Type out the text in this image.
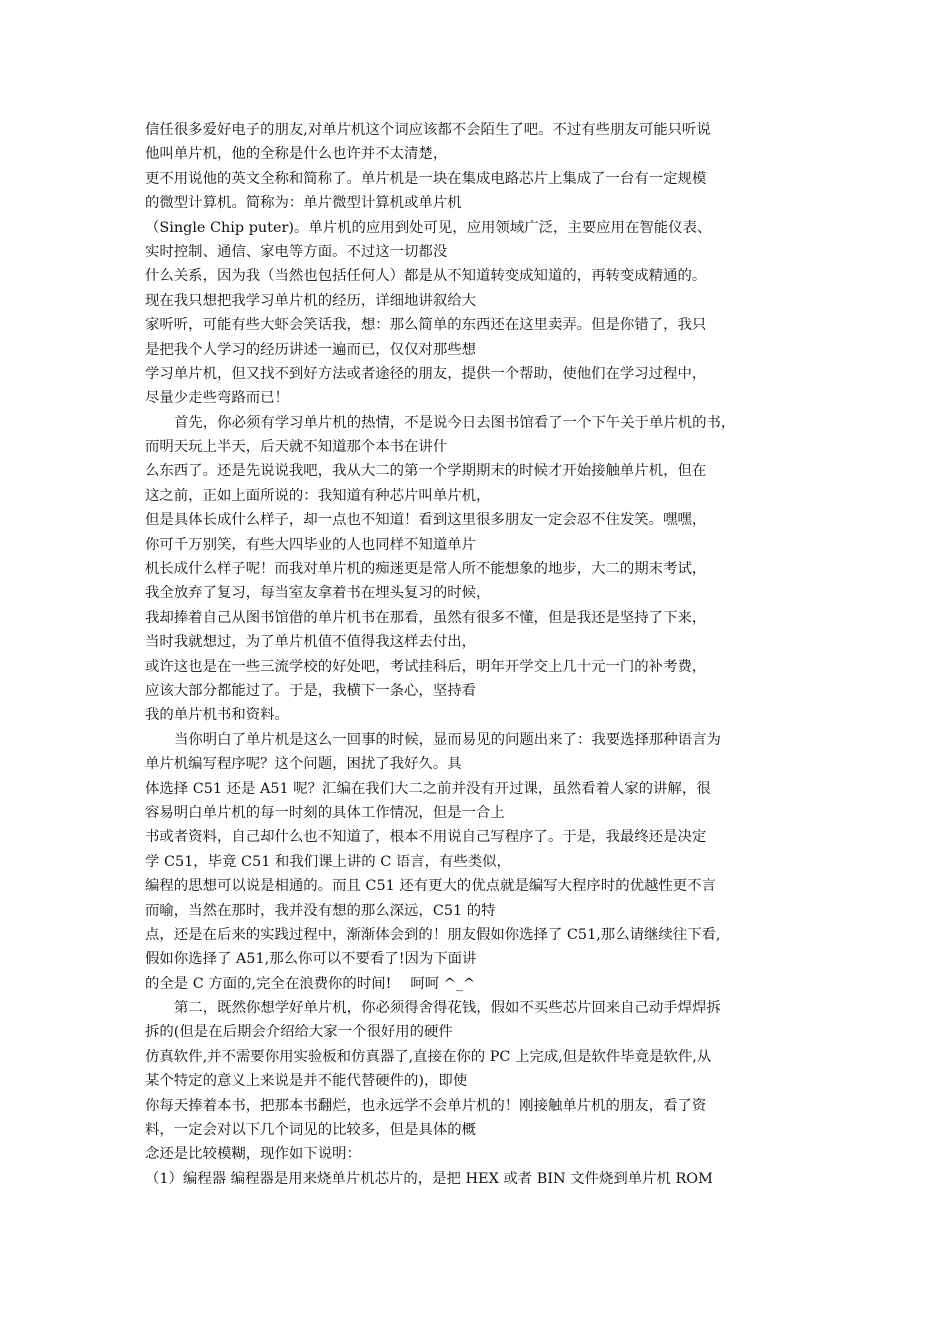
信任很多爱好电子的朋友,对单片机这个词应该都不会陌生了吧。不过有些朋友可能只听说

他叫单片机，他的全称是什么也许并不太清楚，

更不用说他的英文全称和简称了。单片机是一块在集成电路芯片上集成了一台有一定规模

的微型计算机。简称为：单片微型计算机或单片机

（Single Chip puter)。单片机的应用到处可见，应用领域广泛，主要应用在智能仪表、

实时控制、通信、家电等方面。不过这一切都没

什么关系，因为我（当然也包括任何人）都是从不知道转变成知道的，再转变成精通的。

现在我只想把我学习单片机的经历，详细地讲叙给大

家听听，可能有些大虾会笑话我，想：那么简单的东西还在这里卖弄。但是你错了，我只

是把我个人学习的经历讲述一遍而已，仅仅对那些想

学习单片机，但又找不到好方法或者途径的朋友，提供一个帮助，使他们在学习过程中，

尽量少走些弯路而已！

首先，你必须有学习单片机的热情，不是说今日去图书馆看了一个下午关于单片机的书，

而明天玩上半天，后天就不知道那个本书在讲什

么东西了。还是先说说我吧，我从大二的第一个学期期末的时候才开始接触单片机，但在

这之前，正如上面所说的：我知道有种芯片叫单片机，

但是具体长成什么样子，却一点也不知道！看到这里很多朋友一定会忍不住发笑。嘿嘿，

你可千万别笑，有些大四毕业的人也同样不知道单片

机长成什么样子呢！而我对单片机的痴迷更是常人所不能想象的地步，大二的期末考试，

我全放弃了复习，每当室友拿着书在埋头复习的时候，

我却捧着自己从图书馆借的单片机书在那看，虽然有很多不懂，但是我还是坚持了下来，

当时我就想过，为了单片机值不值得我这样去付出，

或许这也是在一些三流学校的好处吧，考试挂科后，明年开学交上几十元一门的补考费，

应该大部分都能过了。于是，我横下一条心，坚持看

我的单片机书和资料。

当你明白了单片机是这么一回事的时候，显而易见的问题出来了：我要选择那种语言为

单片机编写程序呢？这个问题，困扰了我好久。具

体选择 C51 还是 A51 呢？汇编在我们大二之前并没有开过课，虽然看着人家的讲解，很

容易明白单片机的每一时刻的具体工作情况，但是一合上

书或者资料，自己却什么也不知道了，根本不用说自己写程序了。于是，我最终还是决定

学 C51，毕竟 C51 和我们课上讲的 C 语言，有些类似，

编程的思想可以说是相通的。而且 C51 还有更大的优点就是编写大程序时的优越性更不言

而喻，当然在那时，我并没有想的那么深远，C51 的特

点，还是在后来的实践过程中，渐渐体会到的！朋友假如你选择了 C51,那么请继续往下看,

假如你选择了 A51,那么你可以不要看了!因为下面讲

的全是 C 方面的,完全在浪费你的时间!　 呵呵 ^_^

第二，既然你想学好单片机，你必须得舍得花钱，假如不买些芯片回来自己动手焊焊拆

拆的(但是在后期会介绍给大家一个很好用的硬件

仿真软件,并不需要你用实验板和仿真器了,直接在你的 PC 上完成,但是软件毕竟是软件,从

某个特定的意义上来说是并不能代替硬件的)，即使

你每天捧着本书，把那本书翻烂，也永远学不会单片机的！刚接触单片机的朋友，看了资

料，一定会对以下几个词见的比较多，但是具体的概

念还是比较模糊，现作如下说明：

（1）编程器 编程器是用来烧单片机芯片的，是把 HEX 或者 BIN 文件烧到单片机 ROM
